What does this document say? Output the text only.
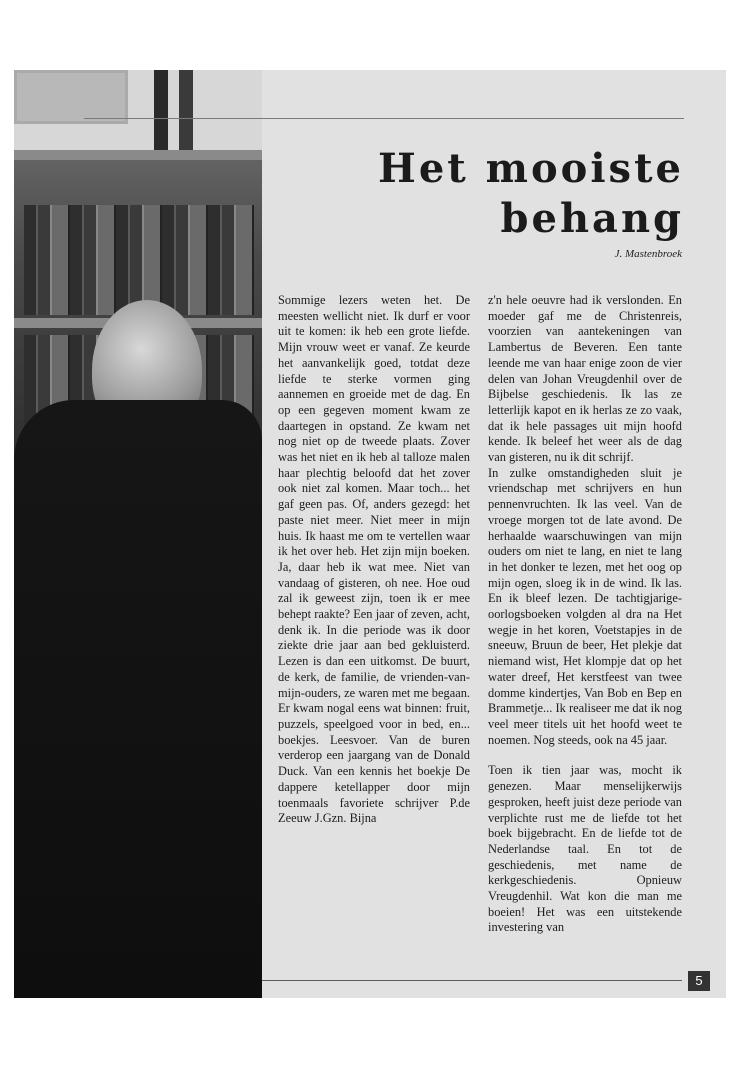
Het mooiste
behang

J. Mastenbroek

Sommige lezers weten het. De meesten wellicht niet. Ik durf er voor uit te komen: ik heb een grote liefde. Mijn vrouw weet er vanaf. Ze keurde het aanvankelijk goed, totdat deze liefde te sterke vormen ging aannemen en groeide met de dag. En op een gegeven moment kwam ze daartegen in opstand. Ze kwam net nog niet op de tweede plaats. Zover was het niet en ik heb al talloze malen haar plechtig beloofd dat het zover ook niet zal komen. Maar toch... het gaf geen pas. Of, anders gezegd: het paste niet meer. Niet meer in mijn huis. Ik haast me om te vertellen waar ik het over heb. Het zijn mijn boeken. Ja, daar heb ik wat mee. Niet van vandaag of gisteren, oh nee. Hoe oud zal ik geweest zijn, toen ik er mee behept raakte? Een jaar of zeven, acht, denk ik. In die periode was ik door ziekte drie jaar aan bed gekluisterd. Lezen is dan een uitkomst. De buurt, de kerk, de familie, de vrienden-van-mijn-ouders, ze waren met me begaan. Er kwam nogal eens wat binnen: fruit, puzzels, speelgoed voor in bed, en... boekjes. Leesvoer. Van de buren verderop een jaargang van de Donald Duck. Van een kennis het boekje De dappere ketellapper door mijn toenmaals favoriete schrijver P.de Zeeuw J.Gzn. Bijna

z'n hele oeuvre had ik verslonden. En moeder gaf me de Christenreis, voorzien van aantekeningen van Lambertus de Beveren. Een tante leende me van haar enige zoon de vier delen van Johan Vreugdenhil over de Bijbelse geschiedenis. Ik las ze letterlijk kapot en ik herlas ze zo vaak, dat ik hele passages uit mijn hoofd kende. Ik beleef het weer als de dag van gisteren, nu ik dit schrijf.

In zulke omstandigheden sluit je vriendschap met schrijvers en hun pennenvruchten. Ik las veel. Van de vroege morgen tot de late avond. De herhaalde waarschuwingen van mijn ouders om niet te lang, en niet te lang in het donker te lezen, met het oog op mijn ogen, sloeg ik in de wind. Ik las. En ik bleef lezen. De tachtigjarige-oorlogsboeken volgden al dra na Het wegje in het koren, Voetstapjes in de sneeuw, Bruun de beer, Het plekje dat niemand wist, Het klompje dat op het water dreef, Het kerstfeest van twee domme kindertjes, Van Bob en Bep en Brammetje... Ik realiseer me dat ik nog veel meer titels uit het hoofd weet te noemen. Nog steeds, ook na 45 jaar.

Toen ik tien jaar was, mocht ik genezen. Maar menselijkerwijs gesproken, heeft juist deze periode van verplichte rust me de liefde tot het boek bijgebracht. En de liefde tot de Nederlandse taal. En tot de geschiedenis, met name de kerkgeschiedenis. Opnieuw Vreugdenhil. Wat kon die man me boeien! Het was een uitstekende investering van

5
